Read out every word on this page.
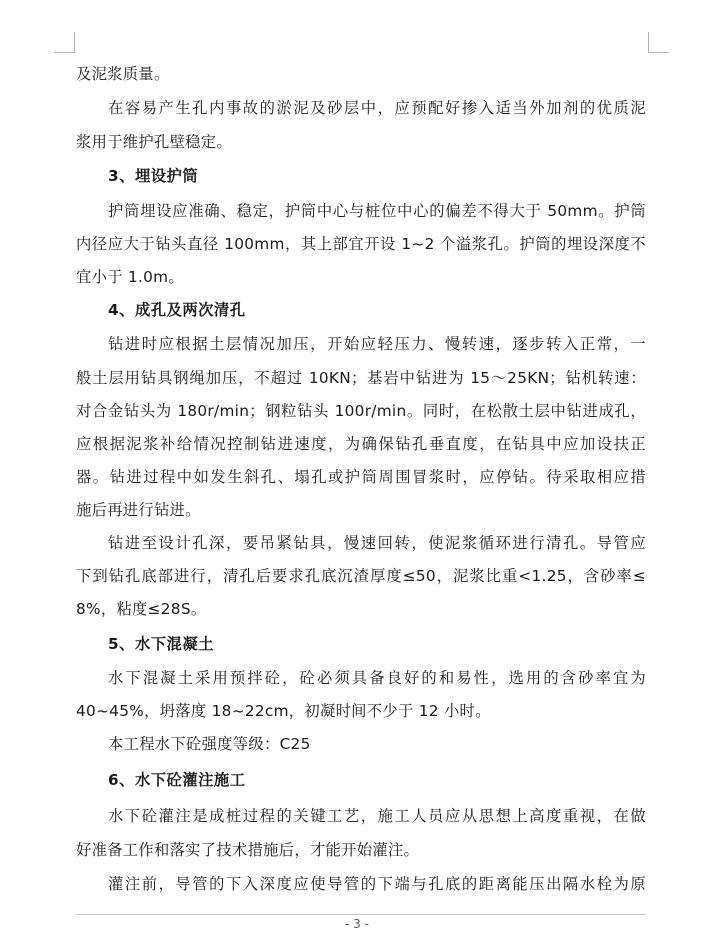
及泥浆质量。
在容易产生孔内事故的淤泥及砂层中，应预配好掺入适当外加剂的优质泥
浆用于维护孔壁稳定。
3、埋设护筒
护筒埋设应准确、稳定，护筒中心与桩位中心的偏差不得大于 50mm。护筒
内径应大于钻头直径 100mm，其上部宜开设 1~2 个溢浆孔。护筒的埋设深度不
宜小于 1.0m。
4、成孔及两次清孔
钻进时应根据土层情况加压，开始应轻压力、慢转速，逐步转入正常，一
般土层用钻具钢绳加压，不超过 10KN；基岩中钻进为 15～25KN；钻机转速：
对合金钻头为 180r/min；钢粒钻头 100r/min。同时，在松散土层中钻进成孔，
应根据泥浆补给情况控制钻进速度，为确保钻孔垂直度，在钻具中应加设扶正
器。钻进过程中如发生斜孔、塌孔或护筒周围冒浆时，应停钻。待采取相应措
施后再进行钻进。
钻进至设计孔深，要吊紧钻具，慢速回转，使泥浆循环进行清孔。导管应
下到钻孔底部进行，清孔后要求孔底沉渣厚度≤50，泥浆比重<1.25，含砂率≤
8%，粘度≤28S。
5、水下混凝土
水下混凝土采用预拌砼，砼必须具备良好的和易性，选用的含砂率宜为
40~45%，坍落度 18~22cm，初凝时间不少于 12 小时。
本工程水下砼强度等级：C25
6、水下砼灌注施工
水下砼灌注是成桩过程的关键工艺，施工人员应从思想上高度重视，在做
好准备工作和落实了技术措施后，才能开始灌注。
灌注前，导管的下入深度应使导管的下端与孔底的距离能压出隔水栓为原
- 3 -
